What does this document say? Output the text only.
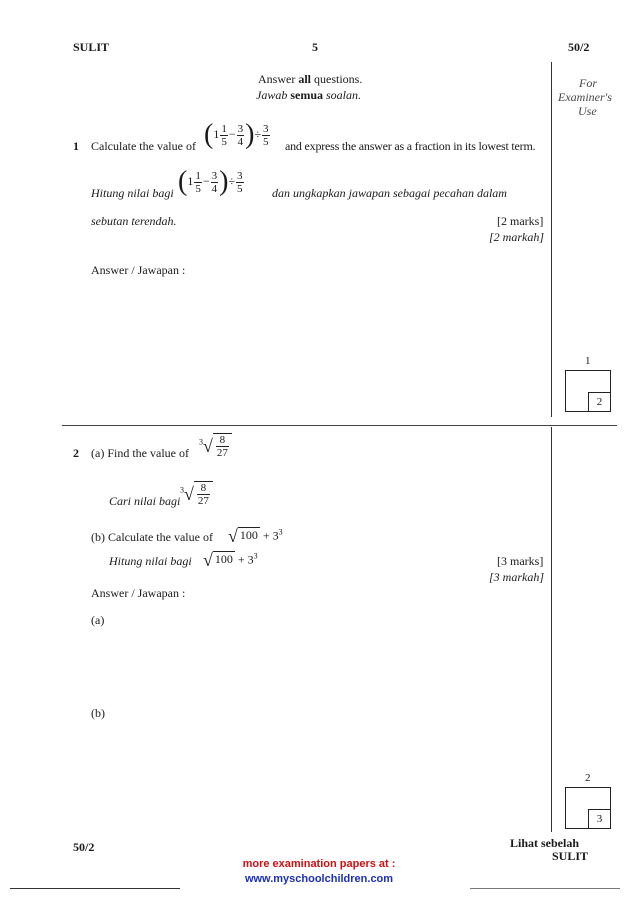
SULIT	5	50/2
For
Examiner's
Use
Answer all questions.
Jawab semua soalan.
1 Calculate the value of ($1 \frac{1}{5} - \frac{3}{4}$ )÷ $\frac{3}{5}$ and express the answer as a fraction in its lowest term.
Hitung nilai bagi ($1 \frac{1}{5} - \frac{3}{4}$ )÷ $\frac{3}{5}$ dan ungkapkan jawapan sebagai pecahan dalam
sebutan terendah.	[2 marks]
[2 markah]
Answer / Jawapan :
1
2
2 (a) Find the value of
$^3√ \frac{8}{27}$
Cari nilai bagi
$^3√ \frac{8}{27}$
(b) Calculate the value of √ $100 + 3^3$
Hitung nilai bagi √ $100 + 3^3$	[3 marks]
[3 markah]
Answer / Jawapan :
(a)
(b)
2
3
50/2	Lihat sebelah
SULIT
more examination papers at :
www.myschoolchildren.com
